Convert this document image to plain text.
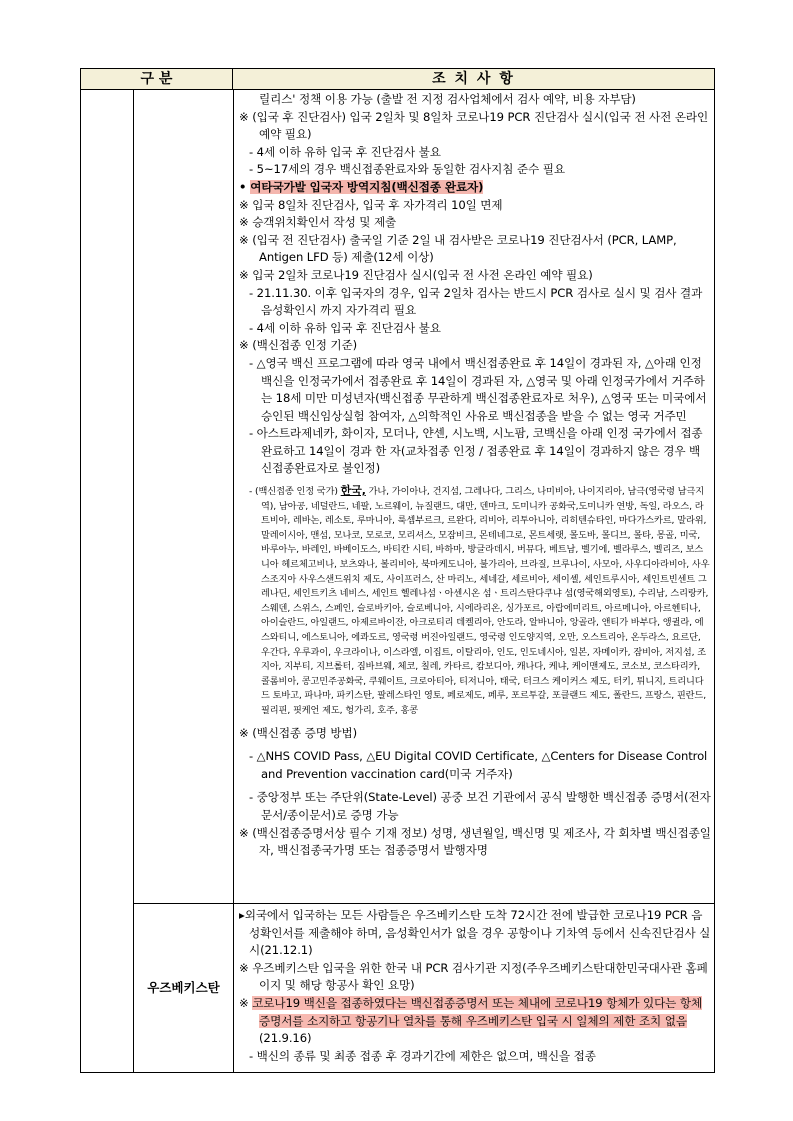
구 분	조 치 사 항
우즈베키스탄

릴리스' 정책 이용 가능 (출발 전 지정 검사업체에서 검사 예약, 비용 자부담)

※ (입국 후 진단검사) 입국 2일차 및 8일차 코로나19 PCR 진단검사 실시(입국 전 사전 온라인 예약 필요)

- 4세 이하 유하 입국 후 진단검사 불요

- 5~17세의 경우 백신접종완료자와 동일한 검사지침 준수 필요

• 여타국가발 입국자 방역지침(백신접종 완료자)

※ 입국 8일차 진단검사, 입국 후 자가격리 10일 면제

※ 승객위치확인서 작성 및 제출

※ (입국 전 진단검사) 출국일 기준 2일 내 검사받은 코로나19 진단검사서 (PCR, LAMP, Antigen LFD 등) 제출(12세 이상)

※ 입국 2일차 코로나19 진단검사 실시(입국 전 사전 온라인 예약 필요)

- 21.11.30. 이후 입국자의 경우, 입국 2일차 검사는 반드시 PCR 검사로 실시 및 검사 결과 음성확인시 까지 자가격리 필요

- 4세 이하 유하 입국 후 진단검사 불요

※ (백신접종 인정 기준)

- △영국 백신 프로그램에 따라 영국 내에서 백신접종완료 후 14일이 경과된 자, △아래 인정백신을 인정국가에서 접종완료 후 14일이 경과된 자, △영국 및 아래 인정국가에서 거주하는 18세 미만 미성년자(백신접종 무관하게 백신접종완료자로 처우), △영국 또는 미국에서 승인된 백신임상실험 참여자, △의학적인 사유로 백신접종을 받을 수 없는 영국 거주민

- 아스트라제네카, 화이자, 모더나, 얀센, 시노백, 시노팜, 코백신을 아래 인정 국가에서 접종완료하고 14일이 경과 한 자(교차접종 인정 / 접종완료 후 14일이 경과하지 않은 경우 백신접종완료자로 불인정)

- (백신접종 인정 국가) 한국, 가나, 가이아나, 건지섬, 그레나다, 그리스, 나미비아, 나이지리아, 남극(영국령 남극지역), 남아공, 네덜란드, 네팔, 노르웨이, 뉴질랜드, 대만, 덴마크, 도미니카 공화국,도미니카 연방, 독일, 라오스, 라트비아, 레바논, 레소토, 루마니아, 룩셈부르크, 르완다, 리비아, 리투아니아, 리히텐슈타인, 마다가스카르, 말라위, 말레이시아, 맨섬, 모나코, 모로코, 모리셔스, 모잠비크, 몬테네그로, 몬트세랫, 몰도바, 몰디브, 몰타, 몽골, 미국, 바루아누, 바레인, 바베이도스, 바티칸 시티, 바하마, 방글라데시, 버뮤다, 베트남, 벨기에, 벨라루스, 벨리즈, 보스니아 헤르체고비나, 보츠와나, 볼리비아, 북마케도니아, 불가리아, 브라질, 브루나이, 사모아, 사우디아라비아, 사우스조지아 사우스샌드위치 제도, 사이프러스, 산 마리노, 세네갈, 세르비아, 세이셸, 세인트루시아, 세인트빈센트 그레나딘, 세인트키츠 네비스, 세인트 헬레나섬ㆍ아센시온 섬ㆍ트리스탄다쿠냐 섬(영국해외영토), 수리남, 스리랑카, 스웨덴, 스위스, 스페인, 슬로바키아, 슬로베니아, 시에라리온, 싱가포르, 아랍에미리트, 아르메니아, 아르헨티나, 아이슬란드, 아일랜드, 아제르바이잔, 아크로티리 데켈리아, 안도라, 알바니아, 앙골라, 앤티가 바부다, 앵귈라, 에스와티니, 에스토니아, 에콰도르, 영국령 버진아일랜드, 영국령 인도양지역, 오만, 오스트리아, 온두라스, 요르단, 우간다, 우루과이, 우크라이나, 이스라엘, 이집트, 이탈리아, 인도, 인도네시아, 일본, 자메이카, 잠비아, 저지섬, 조지아, 지부티, 지브롤터, 짐바브웨, 체코, 칠레, 카타르, 캄보디아, 캐나다, 케냐, 케이맨제도, 코소보, 코스타리카, 콜롬비아, 콩고민주공화국, 쿠웨이트, 크로아티아, 티저니아, 태국, 터크스 케이커스 제도, 터키, 튀니지, 트리니다드 토바고, 파나마, 파키스탄, 팔레스타인 영토, 페로제도, 페루, 포르투갈, 포클랜드 제도, 폴란드, 프랑스, 핀란드, 필리핀, 핏케언 제도, 헝가리, 호주, 홍콩

※ (백신접종 증명 방법)

- △NHS COVID Pass, △EU Digital COVID Certificate, △Centers for Disease Control and Prevention vaccination card(미국 거주자)

- 중앙정부 또는 주단위(State-Level) 공중 보건 기관에서 공식 발행한 백신접종 증명서(전자문서/종이문서)로 증명 가능

※ (백신접종증명서상 필수 기재 정보) 성명, 생년월일, 백신명 및 제조사, 각 회차별 백신접종일자, 백신접종국가명 또는 접종증명서 발행자명

▸외국에서 입국하는 모든 사람들은 우즈베키스탄 도착 72시간 전에 발급한 코로나19 PCR 음성확인서를 제출해야 하며, 음성확인서가 없을 경우 공항이나 기차역 등에서 신속진단검사 실시(21.12.1)

※ 우즈베키스탄 입국을 위한 한국 내 PCR 검사기관 지정(주우즈베키스탄대한민국대사관 홈페이지 및 해당 항공사 확인 요망)

※ 코로나19 백신을 접종하였다는 백신접종증명서 또는 체내에 코로나19 항체가 있다는 항체증명서를 소지하고 항공기나 열차를 통해 우즈베키스탄 입국 시 일체의 제한 조치 없음(21.9.16)

- 백신의 종류 및 최종 접종 후 경과기간에 제한은 없으며, 백신을 접종
